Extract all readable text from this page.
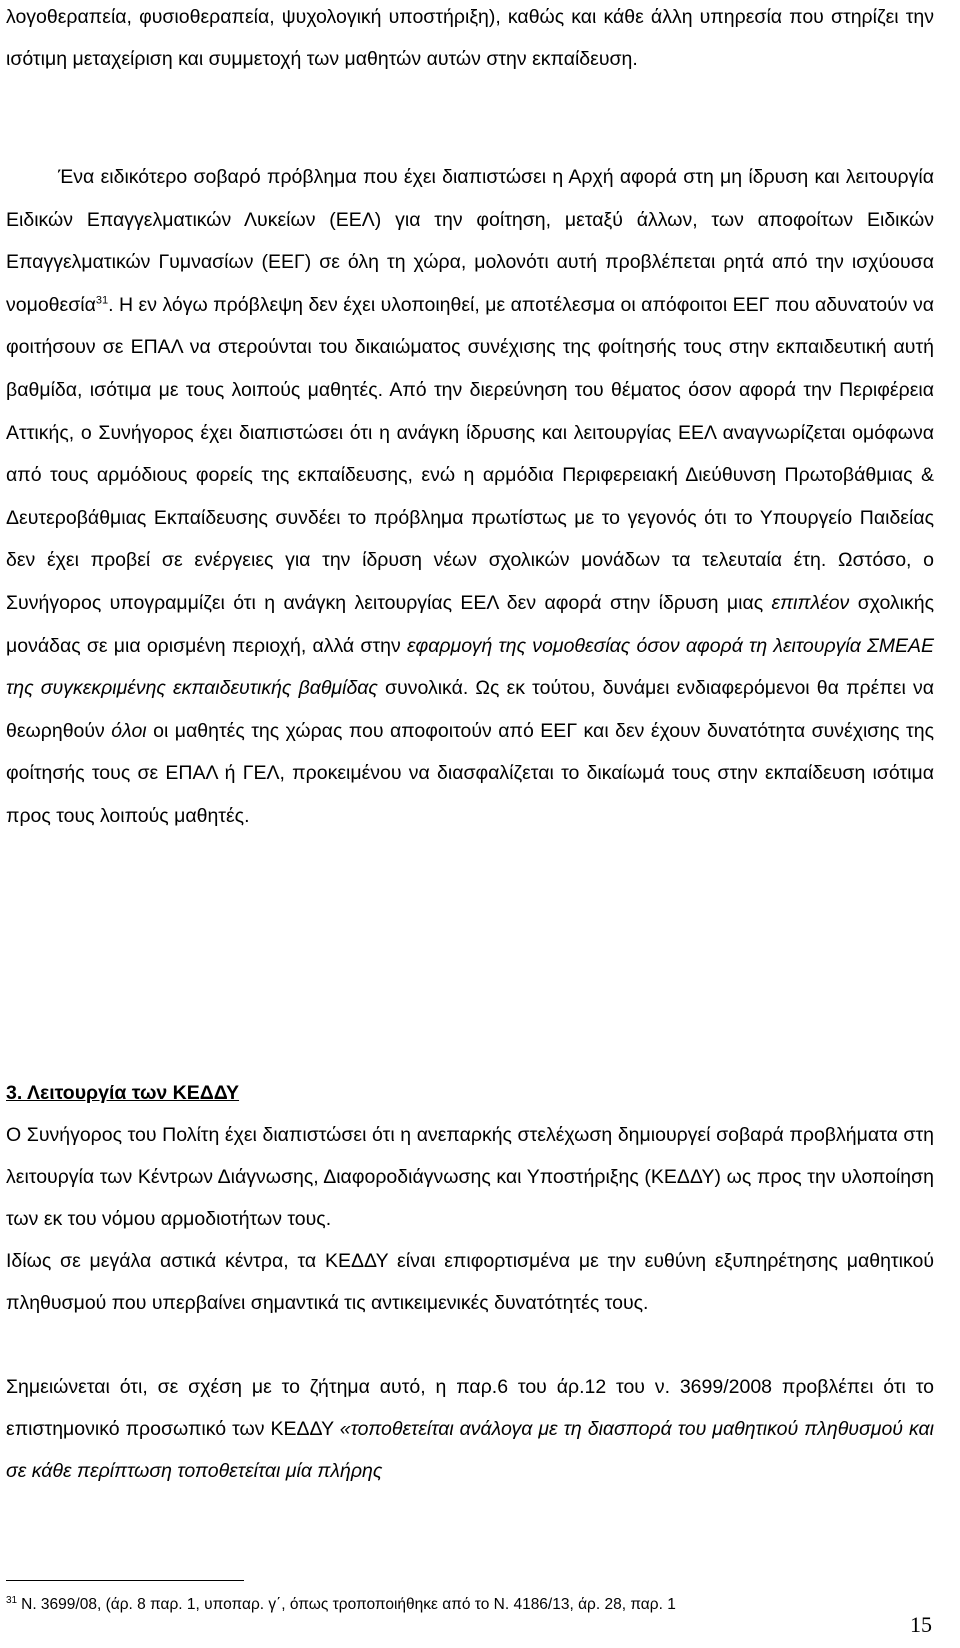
λογοθεραπεία, φυσιοθεραπεία, ψυχολογική υποστήριξη), καθώς και κάθε άλλη υπηρεσία που στηρίζει την ισότιμη μεταχείριση και συμμετοχή των μαθητών αυτών στην εκπαίδευση.

Ένα ειδικότερο σοβαρό πρόβλημα που έχει διαπιστώσει η Αρχή αφορά στη μη ίδρυση και λειτουργία Ειδικών Επαγγελματικών Λυκείων (ΕΕΛ) για την φοίτηση, μεταξύ άλλων, των αποφοίτων Ειδικών Επαγγελματικών Γυμνασίων (ΕΕΓ) σε όλη τη χώρα, μολονότι αυτή προβλέπεται ρητά από την ισχύουσα νομοθεσία$^{31}$. Η εν λόγω πρόβλεψη δεν έχει υλοποιηθεί, με αποτέλεσμα οι απόφοιτοι ΕΕΓ που αδυνατούν να φοιτήσουν σε ΕΠΑΛ να στερούνται του δικαιώματος συνέχισης της φοίτησής τους στην εκπαιδευτική αυτή βαθμίδα, ισότιμα με τους λοιπούς μαθητές. Από την διερεύνηση του θέματος όσον αφορά την Περιφέρεια Αττικής, ο Συνήγορος έχει διαπιστώσει ότι η ανάγκη ίδρυσης και λειτουργίας ΕΕΛ αναγνωρίζεται ομόφωνα από τους αρμόδιους φορείς της εκπαίδευσης, ενώ η αρμόδια Περιφερειακή Διεύθυνση Πρωτοβάθμιας & Δευτεροβάθμιας Εκπαίδευσης συνδέει το πρόβλημα πρωτίστως με το γεγονός ότι το Υπουργείο Παιδείας δεν έχει προβεί σε ενέργειες για την ίδρυση νέων σχολικών μονάδων τα τελευταία έτη. Ωστόσο, ο Συνήγορος υπογραμμίζει ότι η ανάγκη λειτουργίας ΕΕΛ δεν αφορά στην ίδρυση μιας επιπλέον σχολικής μονάδας σε μια ορισμένη περιοχή, αλλά στην εφαρμογή της νομοθεσίας όσον αφορά τη λειτουργία ΣΜΕΑΕ της συγκεκριμένης εκπαιδευτικής βαθμίδας συνολικά. Ως εκ τούτου, δυνάμει ενδιαφερόμενοι θα πρέπει να θεωρηθούν όλοι οι μαθητές της χώρας που αποφοιτούν από ΕΕΓ και δεν έχουν δυνατότητα συνέχισης της φοίτησής τους σε ΕΠΑΛ ή ΓΕΛ, προκειμένου να διασφαλίζεται το δικαίωμά τους στην εκπαίδευση ισότιμα προς τους λοιπούς μαθητές.

3. Λειτουργία των ΚΕΔΔΥ

Ο Συνήγορος του Πολίτη έχει διαπιστώσει ότι η ανεπαρκής στελέχωση δημιουργεί σοβαρά προβλήματα στη λειτουργία των Κέντρων Διάγνωσης, Διαφοροδιάγνωσης και Υποστήριξης (ΚΕΔΔΥ) ως προς την υλοποίηση των εκ του νόμου αρμοδιοτήτων τους.

Ιδίως σε μεγάλα αστικά κέντρα, τα ΚΕΔΔΥ είναι επιφορτισμένα με την ευθύνη εξυπηρέτησης μαθητικού πληθυσμού που υπερβαίνει σημαντικά τις αντικειμενικές δυνατότητές τους.

Σημειώνεται ότι, σε σχέση με το ζήτημα αυτό, η παρ.6 του άρ.12 του ν. 3699/2008 προβλέπει ότι το επιστημονικό προσωπικό των ΚΕΔΔΥ «τοποθετείται ανάλογα με τη διασπορά του μαθητικού πληθυσμού και σε κάθε περίπτωση τοποθετείται μία πλήρης

$^{31}$ Ν. 3699/08, (άρ. 8 παρ. 1, υποπαρ. γ΄, όπως τροποποιήθηκε από το Ν. 4186/13, άρ. 28, παρ. 1

15
